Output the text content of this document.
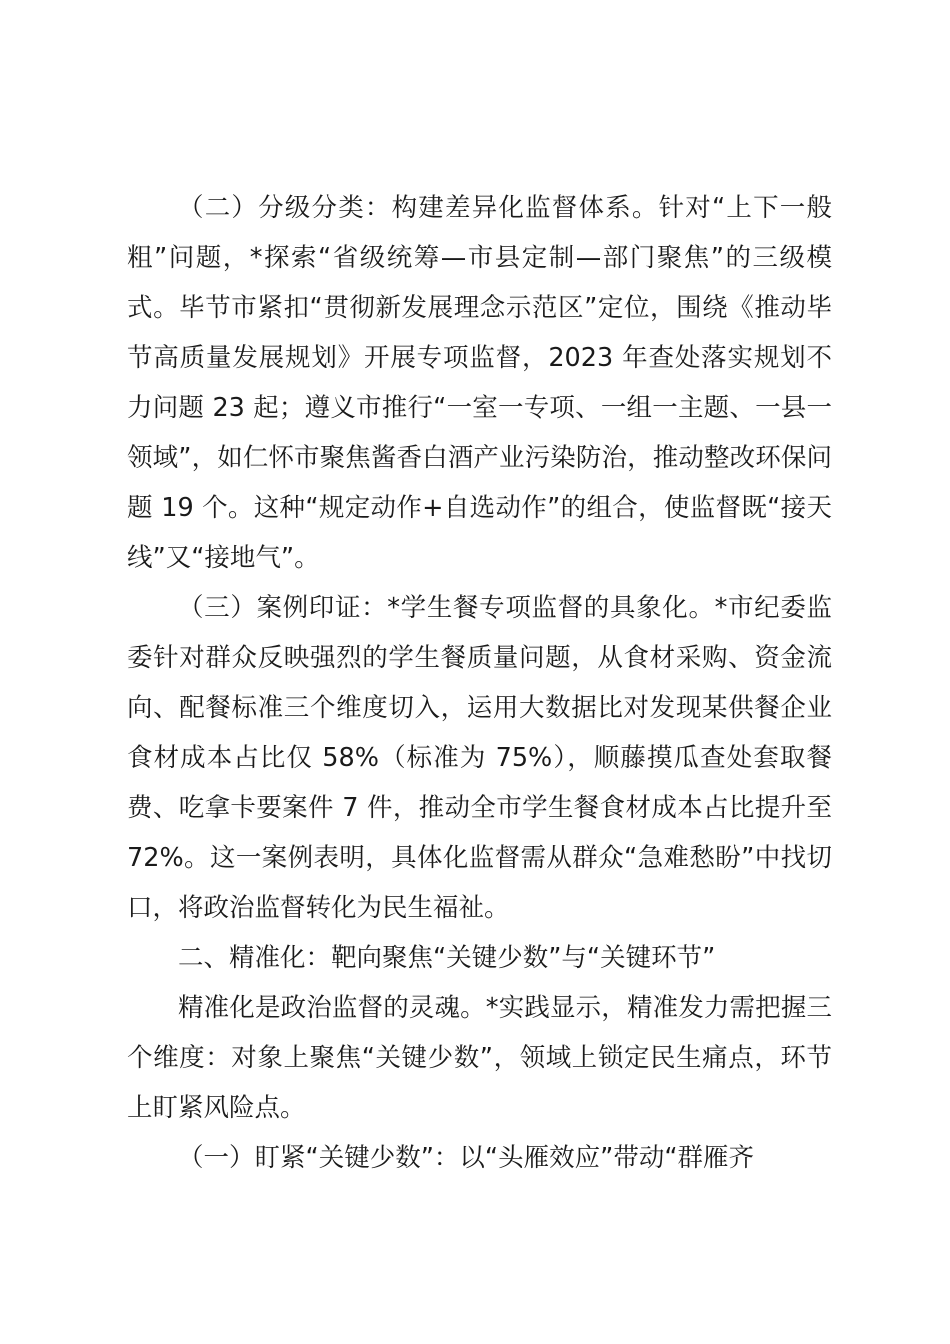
（二）分级分类：构建差异化监督体系。针对“上下一般粗”问题，*探索“省级统筹—市县定制—部门聚焦”的三级模式。毕节市紧扣“贯彻新发展理念示范区”定位，围绕《推动毕节高质量发展规划》开展专项监督，2023 年查处落实规划不力问题 23 起；遵义市推行“一室一专项、一组一主题、一县一领域”，如仁怀市聚焦酱香白酒产业污染防治，推动整改环保问题 19 个。这种“规定动作+自选动作”的组合，使监督既“接天线”又“接地气”。

（三）案例印证：*学生餐专项监督的具象化。*市纪委监委针对群众反映强烈的学生餐质量问题，从食材采购、资金流向、配餐标准三个维度切入，运用大数据比对发现某供餐企业食材成本占比仅 58%（标准为 75%），顺藤摸瓜查处套取餐费、吃拿卡要案件 7 件，推动全市学生餐食材成本占比提升至 72%。这一案例表明，具体化监督需从群众“急难愁盼”中找切口，将政治监督转化为民生福祉。

二、精准化：靶向聚焦“关键少数”与“关键环节”

精准化是政治监督的灵魂。*实践显示，精准发力需把握三个维度：对象上聚焦“关键少数”，领域上锁定民生痛点，环节上盯紧风险点。

（一）盯紧“关键少数”：以“头雁效应”带动“群雁齐
